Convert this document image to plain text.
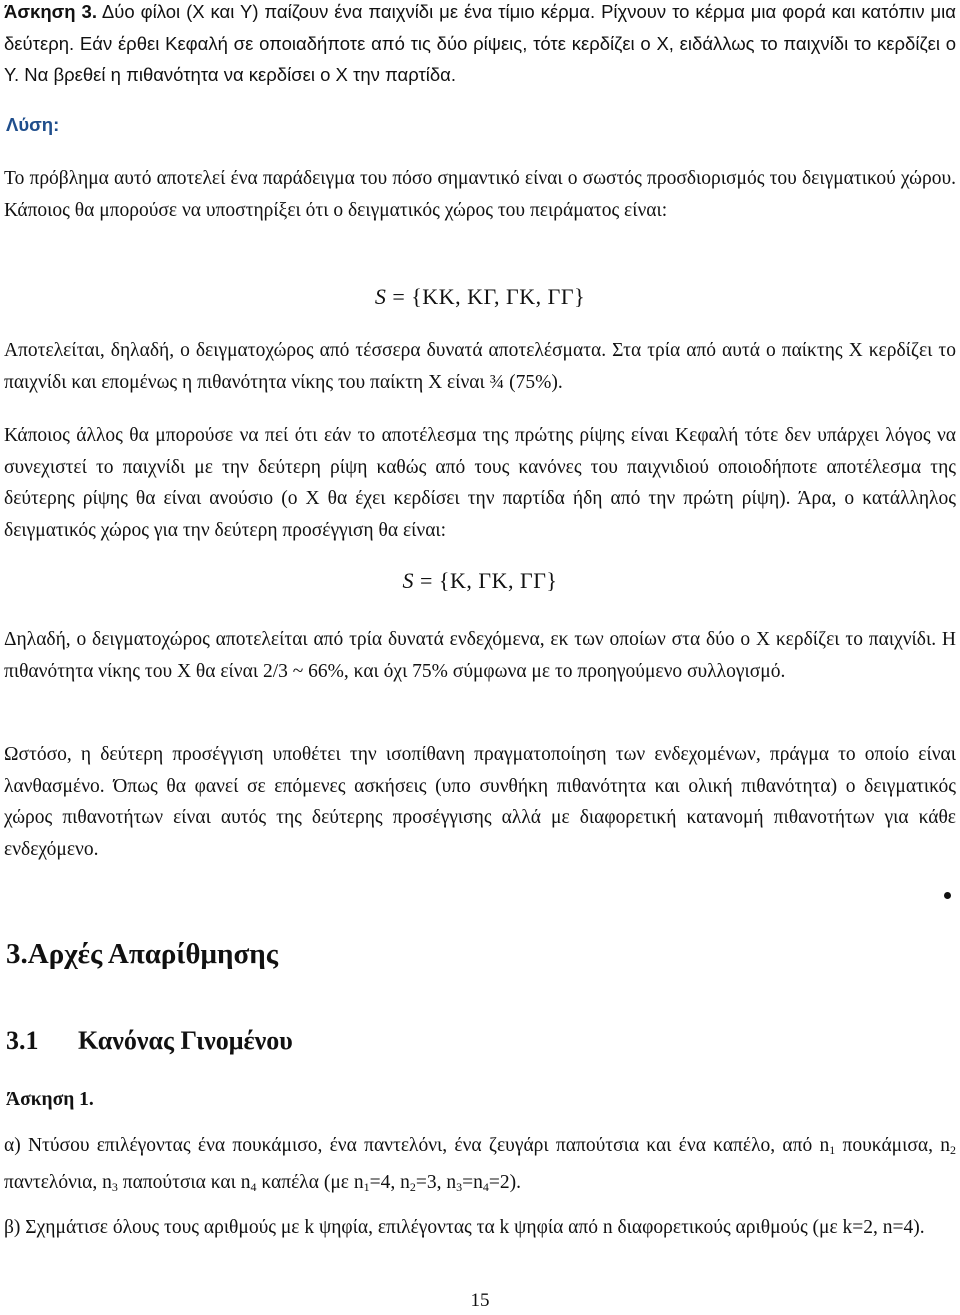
Άσκηση 3. Δύο φίλοι (Χ και Υ) παίζουν ένα παιχνίδι με ένα τίμιο κέρμα. Ρίχνουν το κέρμα μια φορά και κατόπιν μια δεύτερη. Εάν έρθει Κεφαλή σε οποιαδήποτε από τις δύο ρίψεις, τότε κερδίζει ο Χ, ειδάλλως το παιχνίδι το κερδίζει ο Υ. Να βρεθεί η πιθανότητα να κερδίσει ο Χ την παρτίδα.

Λύση:

Το πρόβλημα αυτό αποτελεί ένα παράδειγμα του πόσο σημαντικό είναι ο σωστός προσδιορισμός του δειγματικού χώρου. Κάποιος θα μπορούσε να υποστηρίξει ότι ο δειγματικός χώρος του πειράματος είναι:

S = {ΚΚ, ΚΓ, ΓΚ, ΓΓ}

Αποτελείται, δηλαδή, ο δειγματοχώρος από τέσσερα δυνατά αποτελέσματα. Στα τρία από αυτά ο παίκτης Χ κερδίζει το παιχνίδι και επομένως η πιθανότητα νίκης του παίκτη Χ είναι ¾ (75%).

Κάποιος άλλος θα μπορούσε να πεί ότι εάν το αποτέλεσμα της πρώτης ρίψης είναι Κεφαλή τότε δεν υπάρχει λόγος να συνεχιστεί το παιχνίδι με την δεύτερη ρίψη καθώς από τους κανόνες του παιχνιδιού οποιοδήποτε αποτέλεσμα της δεύτερης ρίψης θα είναι ανούσιο (ο Χ θα έχει κερδίσει την παρτίδα ήδη από την πρώτη ρίψη). Άρα, ο κατάλληλος δειγματικός χώρος για την δεύτερη προσέγγιση θα είναι:

S = {Κ, ΓΚ, ΓΓ}

Δηλαδή, ο δειγματοχώρος αποτελείται από τρία δυνατά ενδεχόμενα, εκ των οποίων στα δύο ο Χ κερδίζει το παιχνίδι. Η πιθανότητα νίκης του Χ θα είναι 2/3 ~ 66%, και όχι 75% σύμφωνα με το προηγούμενο συλλογισμό.

Ωστόσο, η δεύτερη προσέγγιση υποθέτει την ισοπίθανη πραγματοποίηση των ενδεχομένων, πράγμα το οποίο είναι λανθασμένο. Όπως θα φανεί σε επόμενες ασκήσεις (υπο συνθήκη πιθανότητα και ολική πιθανότητα) ο δειγματικός χώρος πιθανοτήτων είναι αυτός της δεύτερης προσέγγισης αλλά με διαφορετική κατανομή πιθανοτήτων για κάθε ενδεχόμενο.

3.Αρχές Απαρίθμησης
3.1 Κανόνας Γινομένου

Άσκηση 1.

α) Ντύσου επιλέγοντας ένα πουκάμισο, ένα παντελόνι, ένα ζευγάρι παπούτσια και ένα καπέλο, από $n_1$ πουκάμισα, $n_2$ παντελόνια, $n_3$ παπούτσια και $n_4$ καπέλα (με $n_1=4$, $n_2=3$, $n_3=n_4=2$).

β) Σχημάτισε όλους τους αριθμούς με k ψηφία, επιλέγοντας τα k ψηφία από n διαφορετικούς αριθμούς (με k=2, n=4).

15
